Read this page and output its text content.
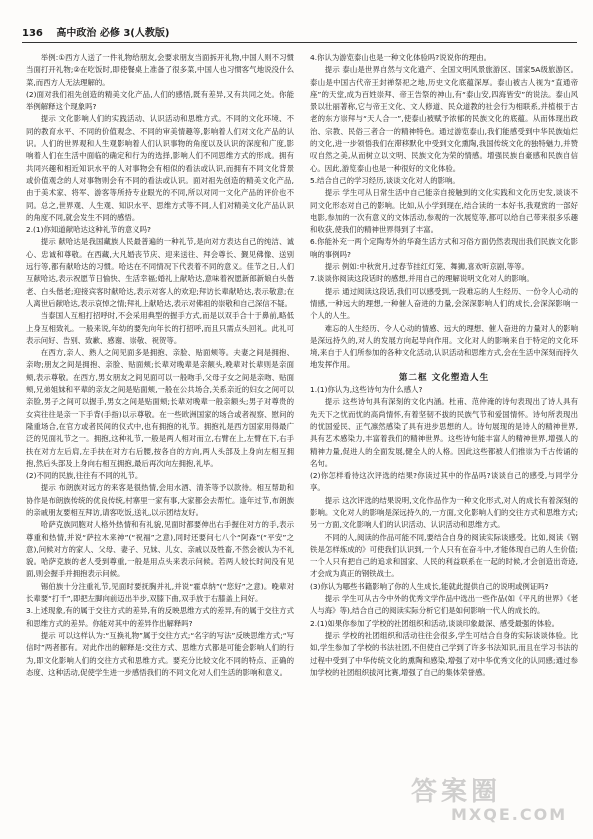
136 高中政治 必修 3(人教版)

举例:①西方人送了一件礼物给朋友,会要求朋友当面拆开礼物,中国人则不习惯当面打开礼物;②在吃饭时,即使餐桌上准备了很多菜,中国人也习惯客气地说没什么菜,而西方人无法理解的。

(2)面对我们祖先创造的精美文化产品,人们的感悟,既有差异,又有共同之处。你能举例解释这个现象吗?

提示 文化影响人们的实践活动、认识活动和思维方式。不同的文化环境、不同的教育水平、不同的价值观念、不同的审美情趣等,影响着人们对文化产品的认识。人们的世界观和人生观影响着人们认识事物的角度以及认识的深度和广度,影响着人们在生活中面临的确定和行为的选择,影响人们不同思维方式的形成。拥有共同兴趣和相近知识水平的人对事物会有相似的看法或认识,而拥有不同文化背景或价值观念的人对事物则会有不同的看法或认识。面对祖先创造的精美文化产品,由于美术家、将军、游客等所持专业眼光的不同,所以对同一文化产品的评价也不同。总之,世界观、人生观、知识水平、思维方式等不同,人们对精美文化产品认识的角度不同,就会发生不同的感悟。

2.(1)你知道献哈达这种礼节的意义吗?

提示 献哈达是我国藏族人民最普遍的一种礼节,是向对方表达自己的纯洁、诚心、忠诚和尊敬。在西藏,大凡婚丧节庆、迎来送往、拜会尊长、觐见佛像、送别远行等,都有献哈达的习惯。哈达在不同情况下代表着不同的意义。佳节之日,人们互献哈达,表示祝愿节日愉快、生活幸福;婚礼上献哈达,意味着祝愿新郎新娘白头偕老、白头偕老;迎接宾客时献哈达,表示对客人的欢迎;拜访长辈献哈达,表示敬意;在人离世后献哈达,表示哀悼之情;拜礼上献哈达,表示对佛祖的崇敬和自己深信不疑。

当泰国人互相打招呼时,不会采用典型的握手方式,而是以双手合十于鼻前,略低上身互相致礼。一般来说,年幼的要先向年长的打招呼,而且只需点头回礼。此礼可表示问好、告别、致歉、感谢、崇敬、祝贺等。

在西方,亲人、熟人之间见面多是拥抱、亲脸、贴面颊等。夫妻之间是拥抱、亲吻;朋友之间是拥抱、亲脸、贴面颊;长辈对晚辈是亲额头,晚辈对长辈则是亲面颊,表示尊敬。在西方,男女朋友之间见面可以一般吻手,父母子女之间是亲吻、贴面颊,兄弟姐妹和平辈的亲友之间是贴面颊,一般在公共场合,关系亲近的妇女之间可以亲脸,男子之间可以握手,男女之间是贴面颊;长辈对晚辈一般亲额头;男子对尊贵的女宾往往是亲一下手背(手指)以示尊敬。在一些欧洲国家的场合或者视察、慰问的隆重场合,在官方或者民间的仪式中,也有拥抱的礼节。拥抱礼是西方国家用得最广泛的见面礼节之一。拥抱,这种礼节,一般是两人相对而立,右臂在上,左臂在下,右手扶在对方左后肩,左手扶在对方右后腰,按各自的方向,两人头部及上身向左相互拥抱,然后头部及上身向右相互拥抱,最后再次向左拥抱,礼毕。

(2)不同的民族,往往有不同的礼节。

提示 布朗族对远方的来客是很热情,会用水酒、清茶等予以款待。相互帮助和协作是布朗族传统的优良传统,村寨里一家有事,大家都会去帮忙。逢年过节,布朗族的亲戚朋友要相互拜访,请客吃饭,送礼,以示团结友好。

哈萨克族同胞对人格外热情和有礼貌,见面时都要伸出右手握住对方的手,表示尊重和热情,并说“萨拉木来神”(“祝福”之意),同时还要问七八个“阿森”(“平安”之意),问候对方的家人、父母、妻子、兄妹、儿女、亲戚以及牲畜,不然会被认为不礼貌。哈萨克族的老人受到尊重,一般是用点头来表示问候。若两人较长时间没有见面,则会握手并拥抱表示问候。

锡伯族十分注重礼节,见面时要抚胸并礼,并说“霍卓纳”(“您好”之意)。晚辈对长辈要“打千”,即把左脚向前迈出半步,双膝下曲,双手放于右膝盖上问好。

3.上述现象,有的属于交往方式的差异,有的反映思维方式的差异,有的属于交往方式和思维方式的差异。你能对其中的差异作出解释吗?

提示 可以这样认为:“互换礼物”属于交往方式;“名字的写法”反映思维方式;“写信时”两者都有。对此作出的解释是:交往方式、思维方式都是可能会影响人们的行为,即文化影响人们的交往方式和思维方式。要充分比较文化不同的特点、正确的态度、这种活动,促使学生进一步感悟我们的不同文化对人们生活的影响和意义。

4.你认为游览泰山也是一种文化体验吗?说说你的理由。

提示 泰山是世界自然与文化遗产、全国文明风景旅游区、国家5A级旅游区。泰山是中国古代帝王封禅祭祀之地,历史文化底蕴深厚。泰山被古人视为“直通帝座”的天堂,成为百姓崇拜、帝王告祭的神山,有“泰山安,四海皆安”的说法。泰山风景以壮丽著称,它与帝王文化、文人修道、民众道教的社会行为相联系,并植根于古老的东方崇拜与“天人合一”,使泰山被赋予浓郁的民族文化的底蕴。从而体现出政治、宗教、民俗三者合一的精神特色。通过游览泰山,我们能感受到中华民族灿烂的文化,进一步领悟我们在滞移默化中受到文化熏陶,我国传统文化的独特魅力,并赞叹自然之美,从而树立以文明、民族文化为荣的情感。增强民族自豪感和民族自信心。因此,游览泰山也是一种很好的文化体验。

5.结合自己的学习经历,谈谈文化对人的影响。

提示 学生可从日常生活中自己能亲自接触到的文化实践和文化历史发,谈谈不同文化形态对自己的影响。比如,从小学到现在,结合读的一本好书,我观赏的一部好电影,参加的一次有意义的文体活动,参观的一次展览等,都可以给自己带来很多乐趣和收获,使我们的精神世界得到了丰富。

6.你能补充一两个定陶寿外的华裔生活方式和习俗方面仍然表现出我们民族文化影响的事例吗?

提示 例如:中秋赏月,过春节挂红灯笼、舞狮,喜欢听京剧,等等。

7.谈谈你阅读这段话时的感想,并用自己的理解说明文化对人的影响。

提示 通过阅读这段话,我们可以感受到,一段难忘的人生经历、一份令人心动的情感,一种远大的理想,一种催人奋进的力量,会深深影响人们的成长,会深深影响一个人的人生。

难忘的人生经历、令人心动的情感、远大的理想、催人奋进的力量对人的影响是深远持久的,对人的发展方向起导向作用。文化对人的影响来自于特定的文化环境,来自于人们所参加的各种文化活动,认识活动和思维方式,会在生活中深刻而持久地发挥作用。

第二框 文化塑造人生

1.(1)你认为,这些诗句为什么感人?

提示 这些诗句具有深刻的文化内涵。杜甫、范仲淹的诗句表现出了诗人具有先天下之忧而忧的高尚情怀,有着坚韧不拔的民族气节和爱国情怀。诗句所表现出的忧国爱民、正气凛然感染了具有进步思想的人。诗句展现的是诗人的精神世界,具有艺术感染力,丰富着我们的精神世界。这些诗句能丰富人的精神世界,增强人的精神力量,促进人的全面发展,健全人的人格。因此这些都被人们推崇为千古传诵的名句。

(2)你怎样看待这次评选的结果?你读过其中的作品吗?谈谈自己的感受,与同学分享。

提示 这次评选的结果说明,文化作品作为一种文化形式,对人的成长有着深刻的影响。文化对人的影响是深远持久的,一方面,文化影响人们的交往方式和思维方式;另一方面,文化影响人们的认识活动、认识活动和思维方式。

不同的人,阅读的作品可能不同,要结合自身的阅读实际谈感受。比如,阅读《钢铁是怎样炼成的》可使我们认识到,一个人只有在奋斗中,才能体现自己的人生价值;一个人只有把自己的追求和国家、人民的利益联系在一起的时候,才会创造出奇迹,才会成为真正的钢铁战士。

(3)你认为哪些书籍影响了你的人生成长,能就此提供自己的说明或例证吗?

提示 学生可从古今中外的优秀文学作品中选出一些作品(如《平凡的世界》《老人与海》等),结合自己的阅读实际分析它们是如何影响一代人的成长的。

2.(1)如果你参加了学校的社团组织和活动,谈谈印象最深、感受最强的体验。

提示 学校的社团组织和活动往往会很多,学生可结合自身的实际谈谈体验。比如,学生参加了学校的书法社团,不但使自己学到了许多书法知识,而且在学习书法的过程中受到了中华传统文化的熏陶和感染,增强了对中华优秀文化的认同感;通过参加学校的社团组织拔河比赛,增强了自己的集体荣誉感。

答案圈
MXQE.COM
